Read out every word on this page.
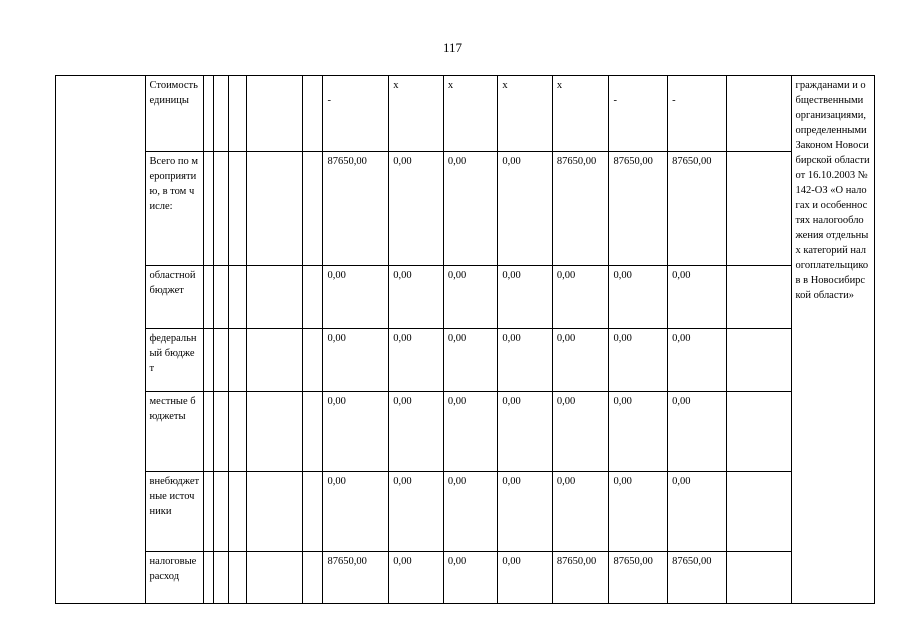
117
	Стоимость единицы						-	х	х	х	х	-	-		гражданами и общественными организациями, определенными Законом Новосибирской области от 16.10.2003 № 142-ОЗ «О налогах и особенностях налогообложения отдельных категорий налогоплательщиков в Новосибирской области»
	Всего по мероприятию, в том числе:						87650,00	0,00	0,00	0,00	87650,00	87650,00	87650,00		
	областной бюджет						0,00	0,00	0,00	0,00	0,00	0,00	0,00		
	федеральный бюджет						0,00	0,00	0,00	0,00	0,00	0,00	0,00		
	местные бюджеты						0,00	0,00	0,00	0,00	0,00	0,00	0,00		
	внебюджетные источники						0,00	0,00	0,00	0,00	0,00	0,00	0,00		
	налоговые расход						87650,00	0,00	0,00	0,00	87650,00	87650,00	87650,00		
